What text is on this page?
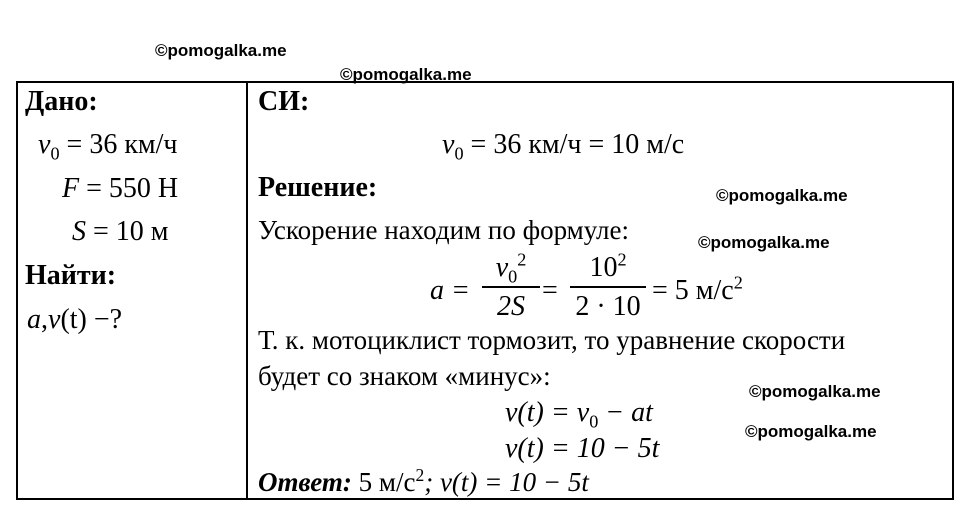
©pomogalka.me
©pomogalka.me
©pomogalka.me
©pomogalka.me
©pomogalka.me
©pomogalka.me
Дано:
$v_0 = 36$ км/ч
F = 550 Н
S = 10 м
Найти:
a,v(t) −?
СИ:
$v_0 = 36$ км/ч = 10 м/с
Решение:
Ускорение находим по формуле:
a =
$v_0^2$
2S
=
$10^2$
2 · 10
= 5 $м/с^2$
Т. к. мотоциклист тормозит, то уравнение скорости
будет со знаком «минус»:
$v(t) = v_0$ − at
v(t) = 10 − 5t
Ответ: 5 $м/с^2$; v(t) = 10 − 5t
